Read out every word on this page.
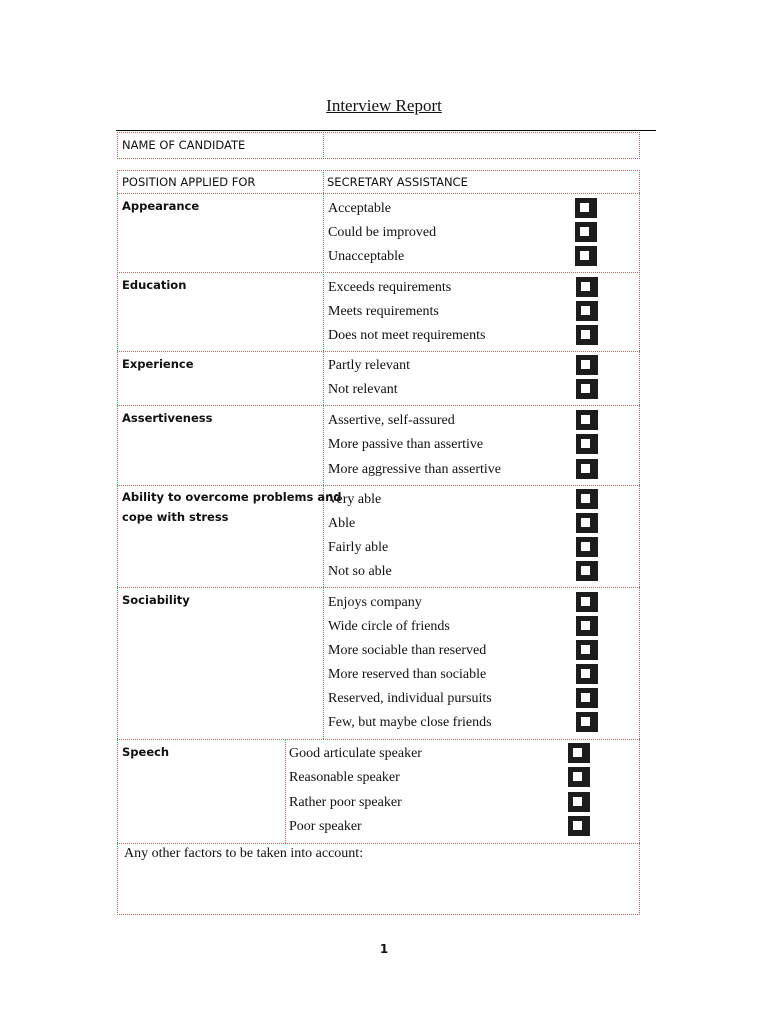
Interview Report
NAME OF CANDIDATE
POSITION APPLIED FOR	SECRETARY ASSISTANCE
Appearance	Acceptable
Could be improved
Unacceptable
Education	Exceeds requirements
Meets requirements
Does not meet requirements
Experience	Partly relevant
Not relevant
Assertiveness	Assertive, self-assured
More passive than assertive
More aggressive than assertive
Ability to overcome problems and
cope with stress
Very able
Able
Fairly able
Not so able
Sociability	Enjoys company
Wide circle of friends
More sociable than reserved
More reserved than sociable
Reserved, individual pursuits
Few, but maybe close friends
Speech	Good articulate speaker
Reasonable speaker
Rather poor speaker
Poor speaker
Any other factors to be taken into account:
1
